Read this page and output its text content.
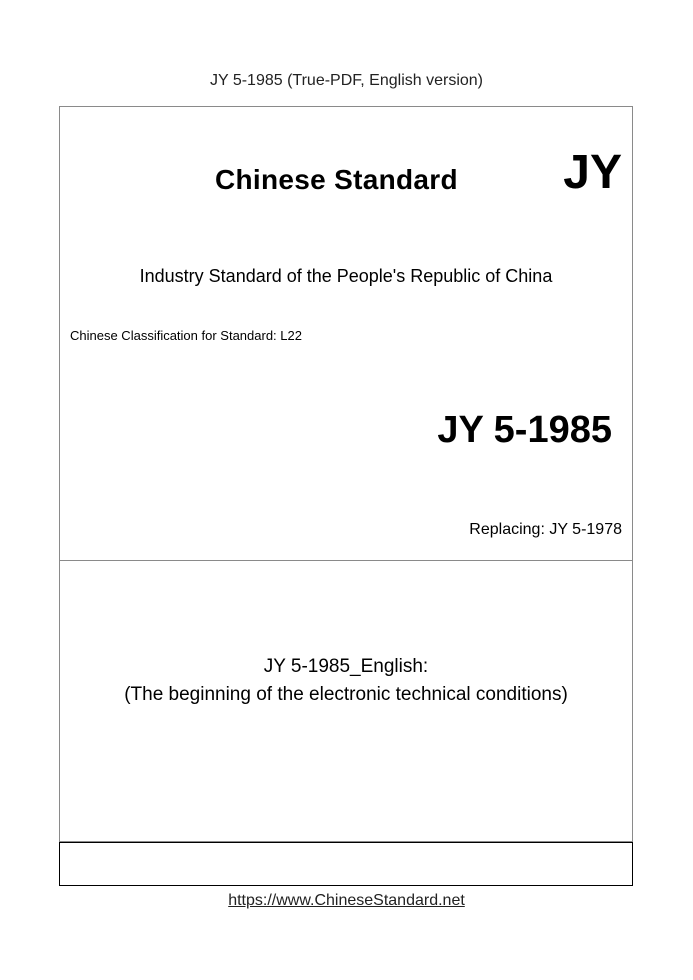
JY 5-1985 (True-PDF, English version)
Chinese Standard JY
Industry Standard of the People's Republic of China
Chinese Classification for Standard: L22
JY 5-1985
Replacing: JY 5-1978
JY 5-1985_English:
(The beginning of the electronic technical conditions)
https://www.ChineseStandard.net
